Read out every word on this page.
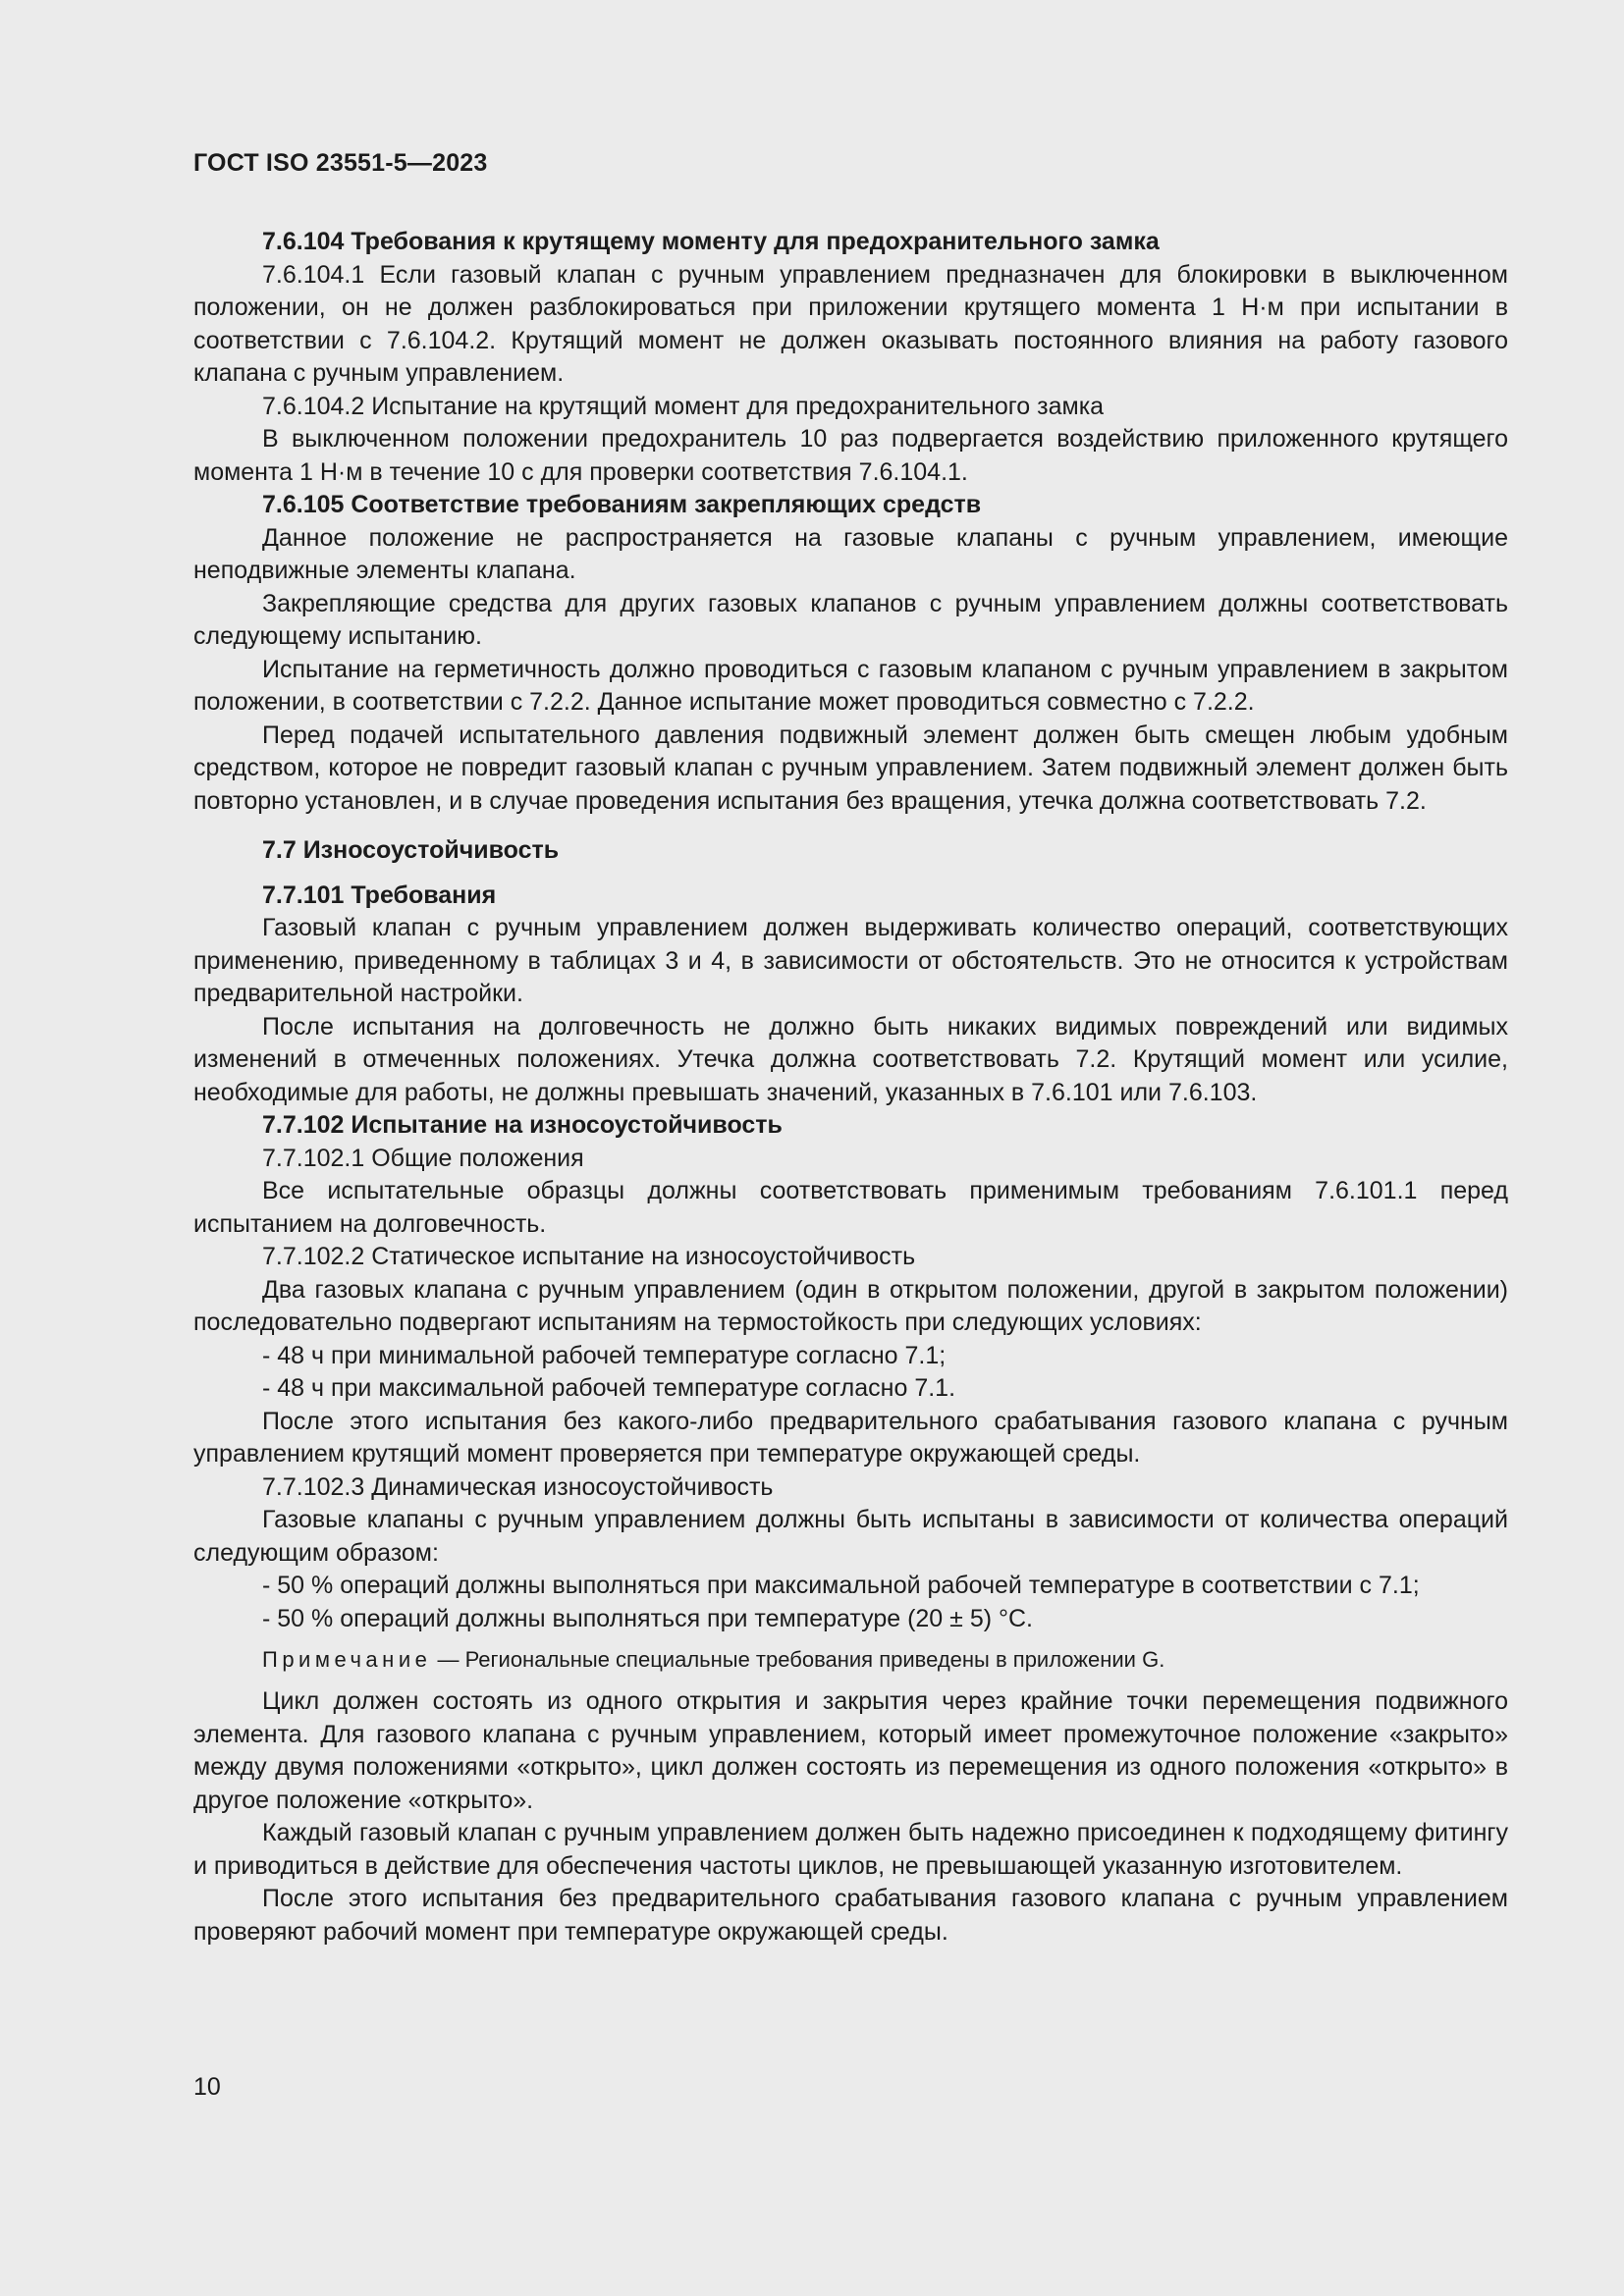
ГОСТ ISO 23551-5—2023

7.6.104 Требования к крутящему моменту для предохранительного замка

7.6.104.1 Если газовый клапан с ручным управлением предназначен для блокировки в выключенном положении, он не должен разблокироваться при приложении крутящего момента 1 Н·м при испытании в соответствии с 7.6.104.2. Крутящий момент не должен оказывать постоянного влияния на работу газового клапана с ручным управлением.

7.6.104.2 Испытание на крутящий момент для предохранительного замка

В выключенном положении предохранитель 10 раз подвергается воздействию приложенного крутящего момента 1 Н·м в течение 10 с для проверки соответствия 7.6.104.1.

7.6.105 Соответствие требованиям закрепляющих средств

Данное положение не распространяется на газовые клапаны с ручным управлением, имеющие неподвижные элементы клапана.

Закрепляющие средства для других газовых клапанов с ручным управлением должны соответствовать следующему испытанию.

Испытание на герметичность должно проводиться с газовым клапаном с ручным управлением в закрытом положении, в соответствии с 7.2.2. Данное испытание может проводиться совместно с 7.2.2.

Перед подачей испытательного давления подвижный элемент должен быть смещен любым удобным средством, которое не повредит газовый клапан с ручным управлением. Затем подвижный элемент должен быть повторно установлен, и в случае проведения испытания без вращения, утечка должна соответствовать 7.2.

7.7 Износоустойчивость

7.7.101 Требования

Газовый клапан с ручным управлением должен выдерживать количество операций, соответствующих применению, приведенному в таблицах 3 и 4, в зависимости от обстоятельств. Это не относится к устройствам предварительной настройки.

После испытания на долговечность не должно быть никаких видимых повреждений или видимых изменений в отмеченных положениях. Утечка должна соответствовать 7.2. Крутящий момент или усилие, необходимые для работы, не должны превышать значений, указанных в 7.6.101 или 7.6.103.

7.7.102 Испытание на износоустойчивость

7.7.102.1 Общие положения

Все испытательные образцы должны соответствовать применимым требованиям 7.6.101.1 перед испытанием на долговечность.

7.7.102.2 Статическое испытание на износоустойчивость

Два газовых клапана с ручным управлением (один в открытом положении, другой в закрытом положении) последовательно подвергают испытаниям на термостойкость при следующих условиях:

- 48 ч при минимальной рабочей температуре согласно 7.1;

- 48 ч при максимальной рабочей температуре согласно 7.1.

После этого испытания без какого-либо предварительного срабатывания газового клапана с ручным управлением крутящий момент проверяется при температуре окружающей среды.

7.7.102.3 Динамическая износоустойчивость

Газовые клапаны с ручным управлением должны быть испытаны в зависимости от количества операций следующим образом:

- 50 % операций должны выполняться при максимальной рабочей температуре в соответствии с 7.1;

- 50 % операций должны выполняться при температуре (20 ± 5) °C.

Примечание — Региональные специальные требования приведены в приложении G.

Цикл должен состоять из одного открытия и закрытия через крайние точки перемещения подвижного элемента. Для газового клапана с ручным управлением, который имеет промежуточное положение «закрыто» между двумя положениями «открыто», цикл должен состоять из перемещения из одного положения «открыто» в другое положение «открыто».

Каждый газовый клапан с ручным управлением должен быть надежно присоединен к подходящему фитингу и приводиться в действие для обеспечения частоты циклов, не превышающей указанную изготовителем.

После этого испытания без предварительного срабатывания газового клапана с ручным управлением проверяют рабочий момент при температуре окружающей среды.

10
